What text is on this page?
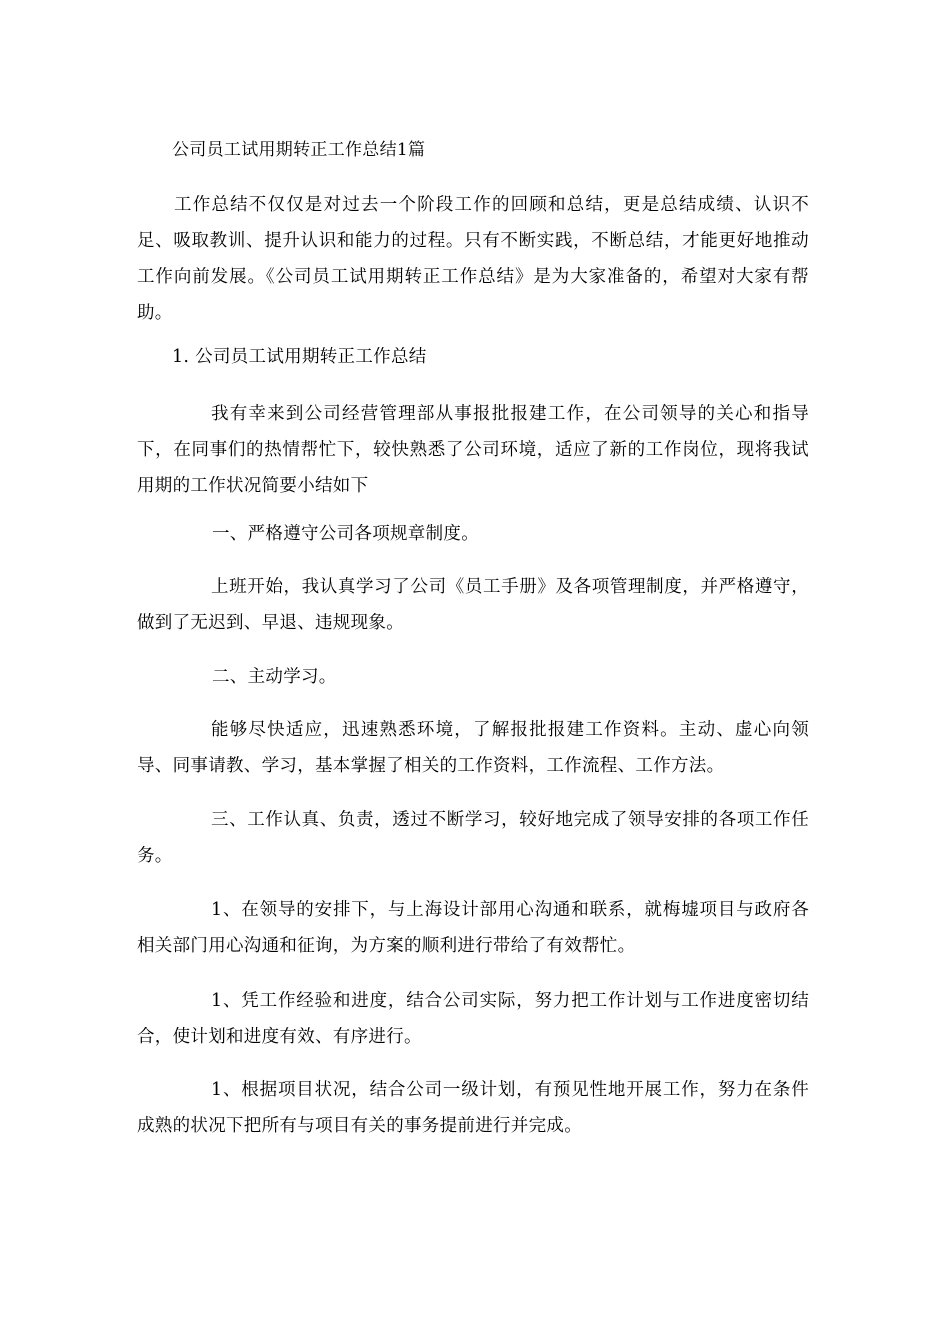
公司员工试用期转正工作总结1篇

工作总结不仅仅是对过去一个阶段工作的回顾和总结，更是总结成绩、认识不足、吸取教训、提升认识和能力的过程。只有不断实践，不断总结，才能更好地推动工作向前发展。《公司员工试用期转正工作总结》是为大家准备的，希望对大家有帮助。

1. 公司员工试用期转正工作总结

我有幸来到公司经营管理部从事报批报建工作，在公司领导的关心和指导下，在同事们的热情帮忙下，较快熟悉了公司环境，适应了新的工作岗位，现将我试用期的工作状况简要小结如下

一、严格遵守公司各项规章制度。

上班开始，我认真学习了公司《员工手册》及各项管理制度，并严格遵守，做到了无迟到、早退、违规现象。

二、主动学习。

能够尽快适应，迅速熟悉环境，了解报批报建工作资料。主动、虚心向领导、同事请教、学习，基本掌握了相关的工作资料，工作流程、工作方法。

三、工作认真、负责，透过不断学习，较好地完成了领导安排的各项工作任务。

1、在领导的安排下，与上海设计部用心沟通和联系，就梅墟项目与政府各相关部门用心沟通和征询，为方案的顺利进行带给了有效帮忙。

1、凭工作经验和进度，结合公司实际，努力把工作计划与工作进度密切结合，使计划和进度有效、有序进行。

1、根据项目状况，结合公司一级计划，有预见性地开展工作，努力在条件成熟的状况下把所有与项目有关的事务提前进行并完成。
